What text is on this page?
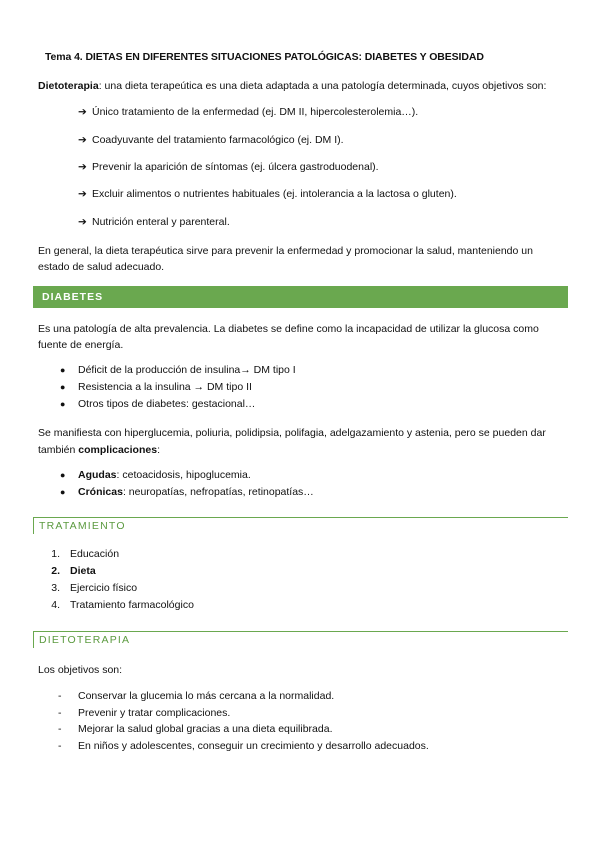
Tema 4. DIETAS EN DIFERENTES SITUACIONES PATOLÓGICAS: DIABETES Y OBESIDAD
Dietoterapia: una dieta terapeútica es una dieta adaptada a una patología determinada, cuyos objetivos son:
➔ Único tratamiento de la enfermedad (ej. DM II, hipercolesterolemia…).
➔ Coadyuvante del tratamiento farmacológico (ej. DM I).
➔ Prevenir la aparición de síntomas (ej. úlcera gastroduodenal).
➔ Excluir alimentos o nutrientes habituales (ej. intolerancia a la lactosa o gluten).
➔ Nutrición enteral y parenteral.
En general, la dieta terapéutica sirve para prevenir la enfermedad y promocionar la salud, manteniendo un
estado de salud adecuado.
DIABETES
Es una patología de alta prevalencia. La diabetes se define como la incapacidad de utilizar la glucosa como
fuente de energía.
● Déficit de la producción de insulina→ DM tipo I
● Resistencia a la insulina → DM tipo II
● Otros tipos de diabetes: gestacional…
Se manifiesta con hiperglucemia, poliuria, polidipsia, polifagia, adelgazamiento y astenia, pero se pueden dar
también complicaciones:
● Agudas: cetoacidosis, hipoglucemia.
● Crónicas: neuropatías, nefropatías, retinopatías…
TRATAMIENTO
1. Educación
2. Dieta
3. Ejercicio físico
4. Tratamiento farmacológico
DIETOTERAPIA
Los objetivos son:
- Conservar la glucemia lo más cercana a la normalidad.
- Prevenir y tratar complicaciones.
- Mejorar la salud global gracias a una dieta equilibrada.
- En niños y adolescentes, conseguir un crecimiento y desarrollo adecuados.
